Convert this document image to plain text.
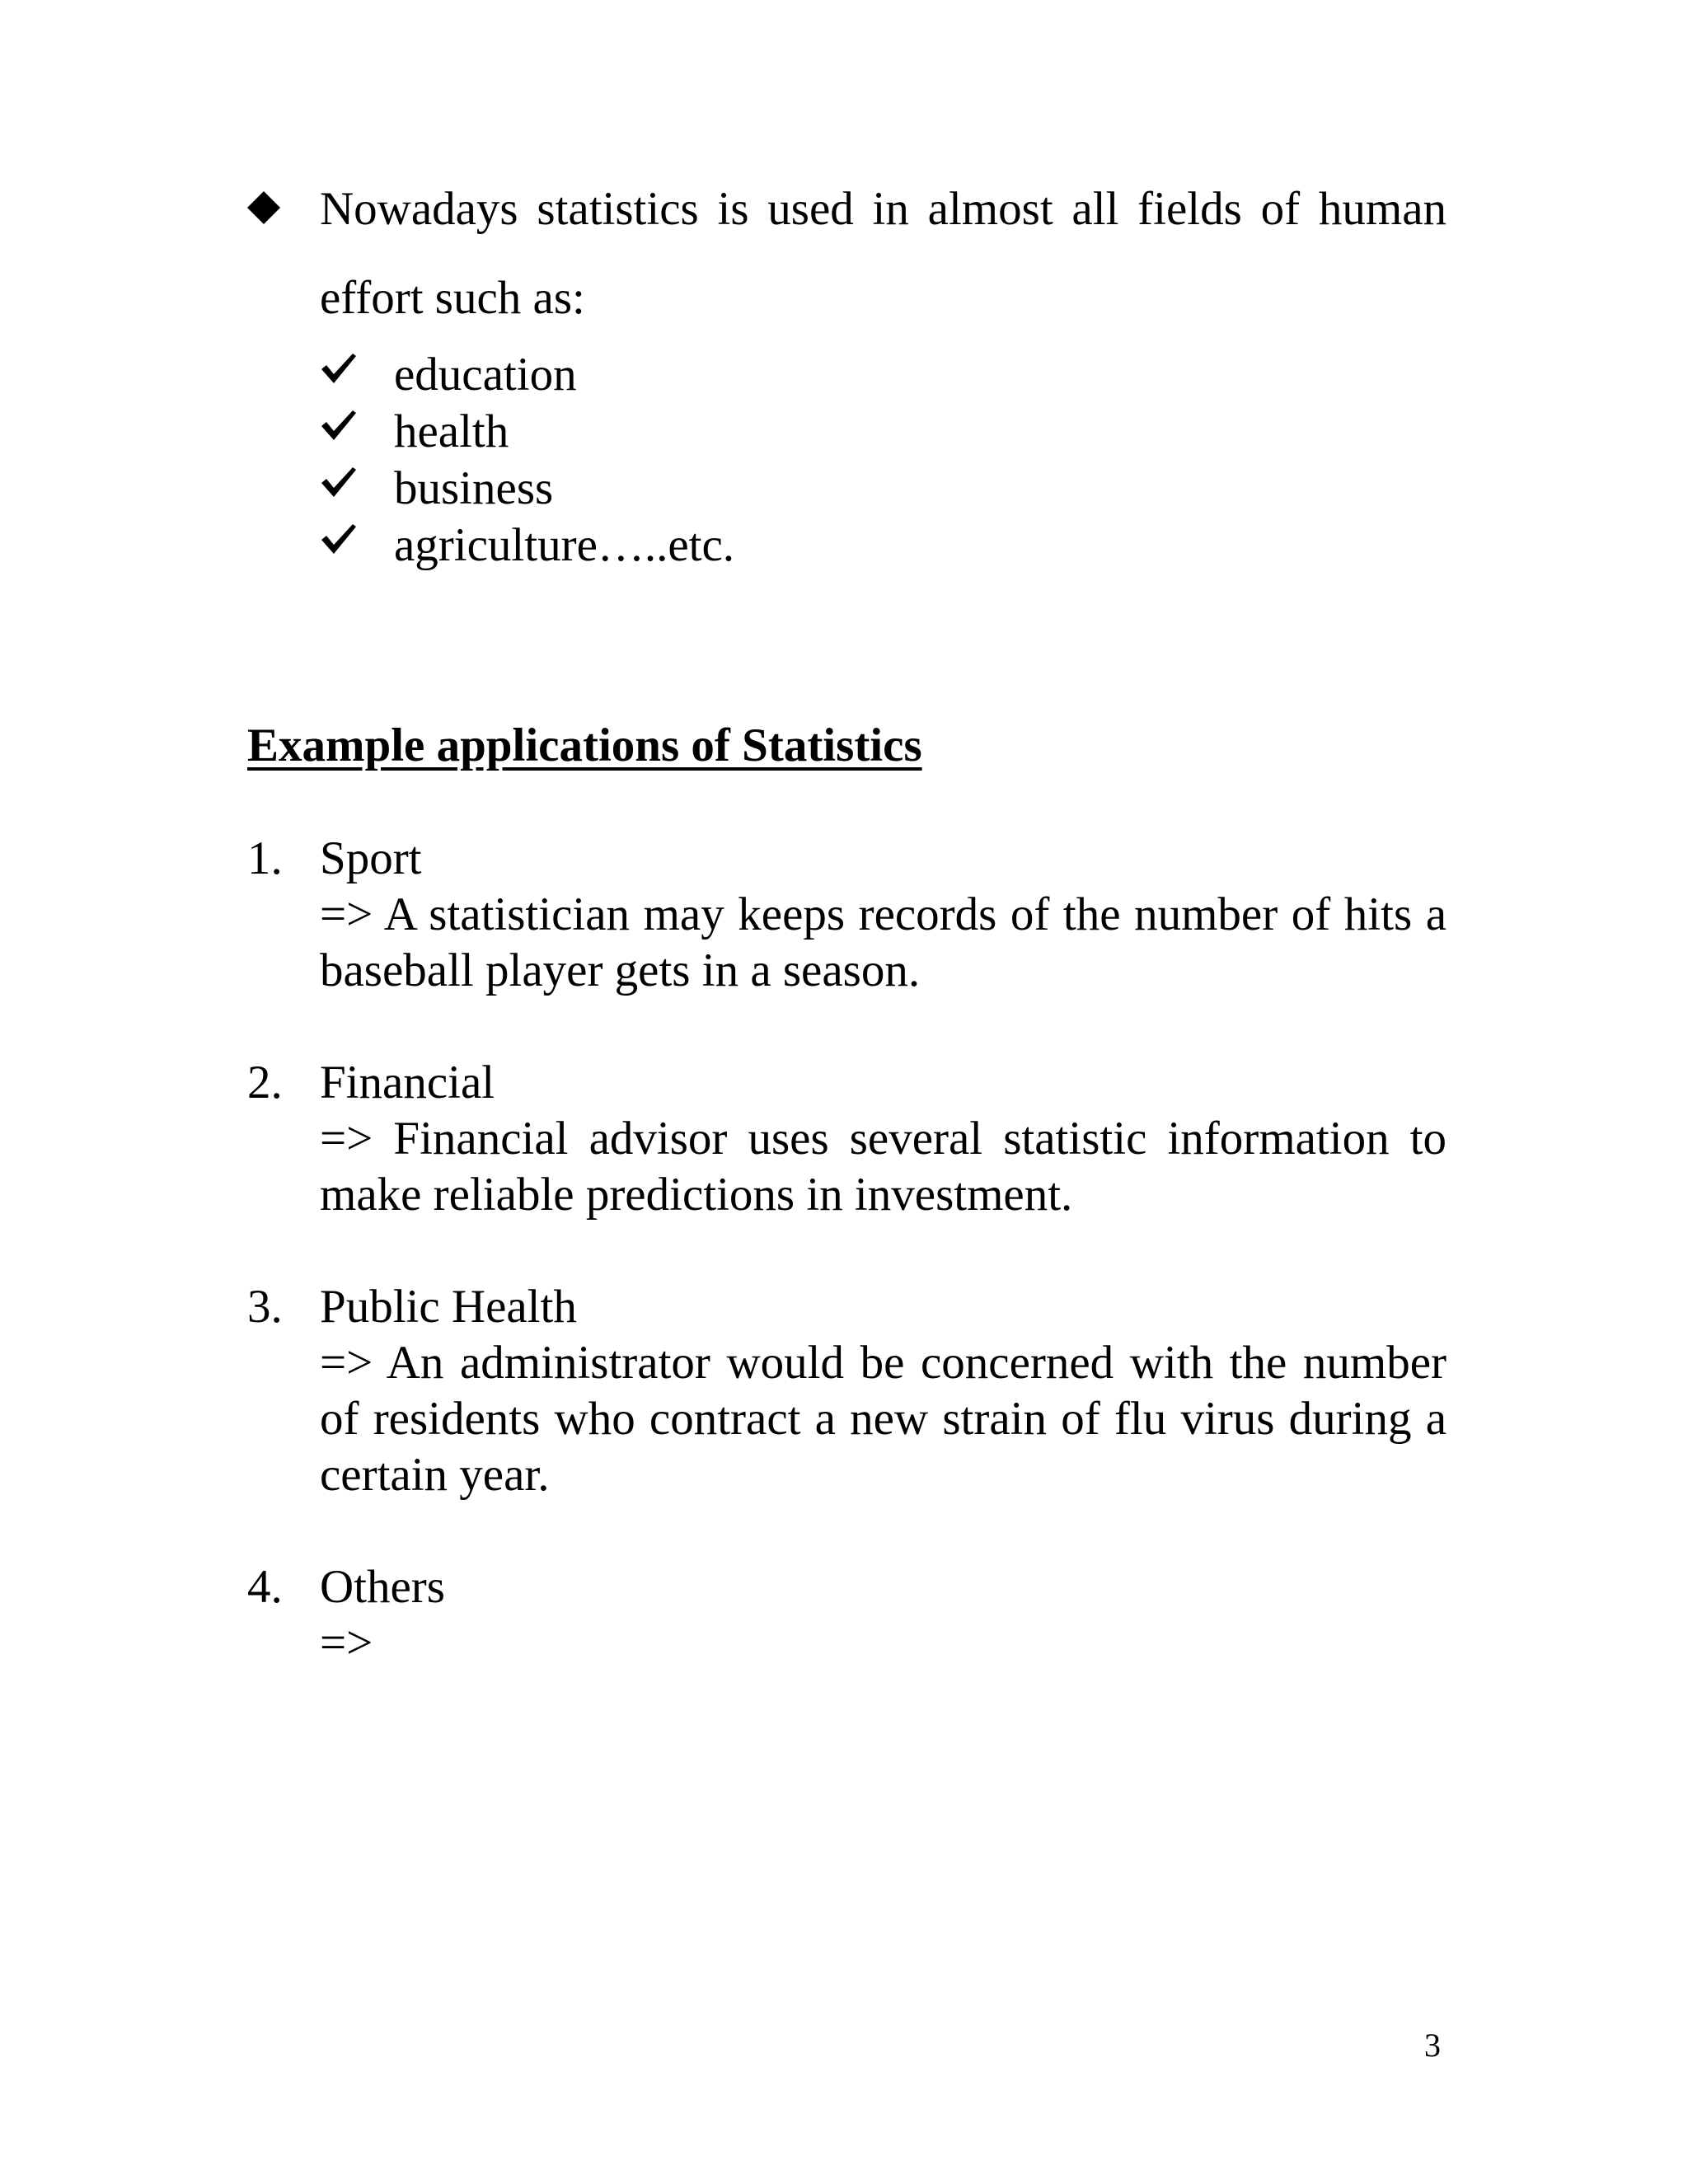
Nowadays statistics is used in almost all fields of human effort such as:
education
health
business
agriculture…..etc.
Example applications of Statistics
1. Sport
=> A statistician may keeps records of the number of hits a baseball player gets in a season.
2. Financial
=> Financial advisor uses several statistic information to make reliable predictions in investment.
3. Public Health
=> An administrator would be concerned with the number of residents who contract a new strain of flu virus during a certain year.
4. Others
=>
3
